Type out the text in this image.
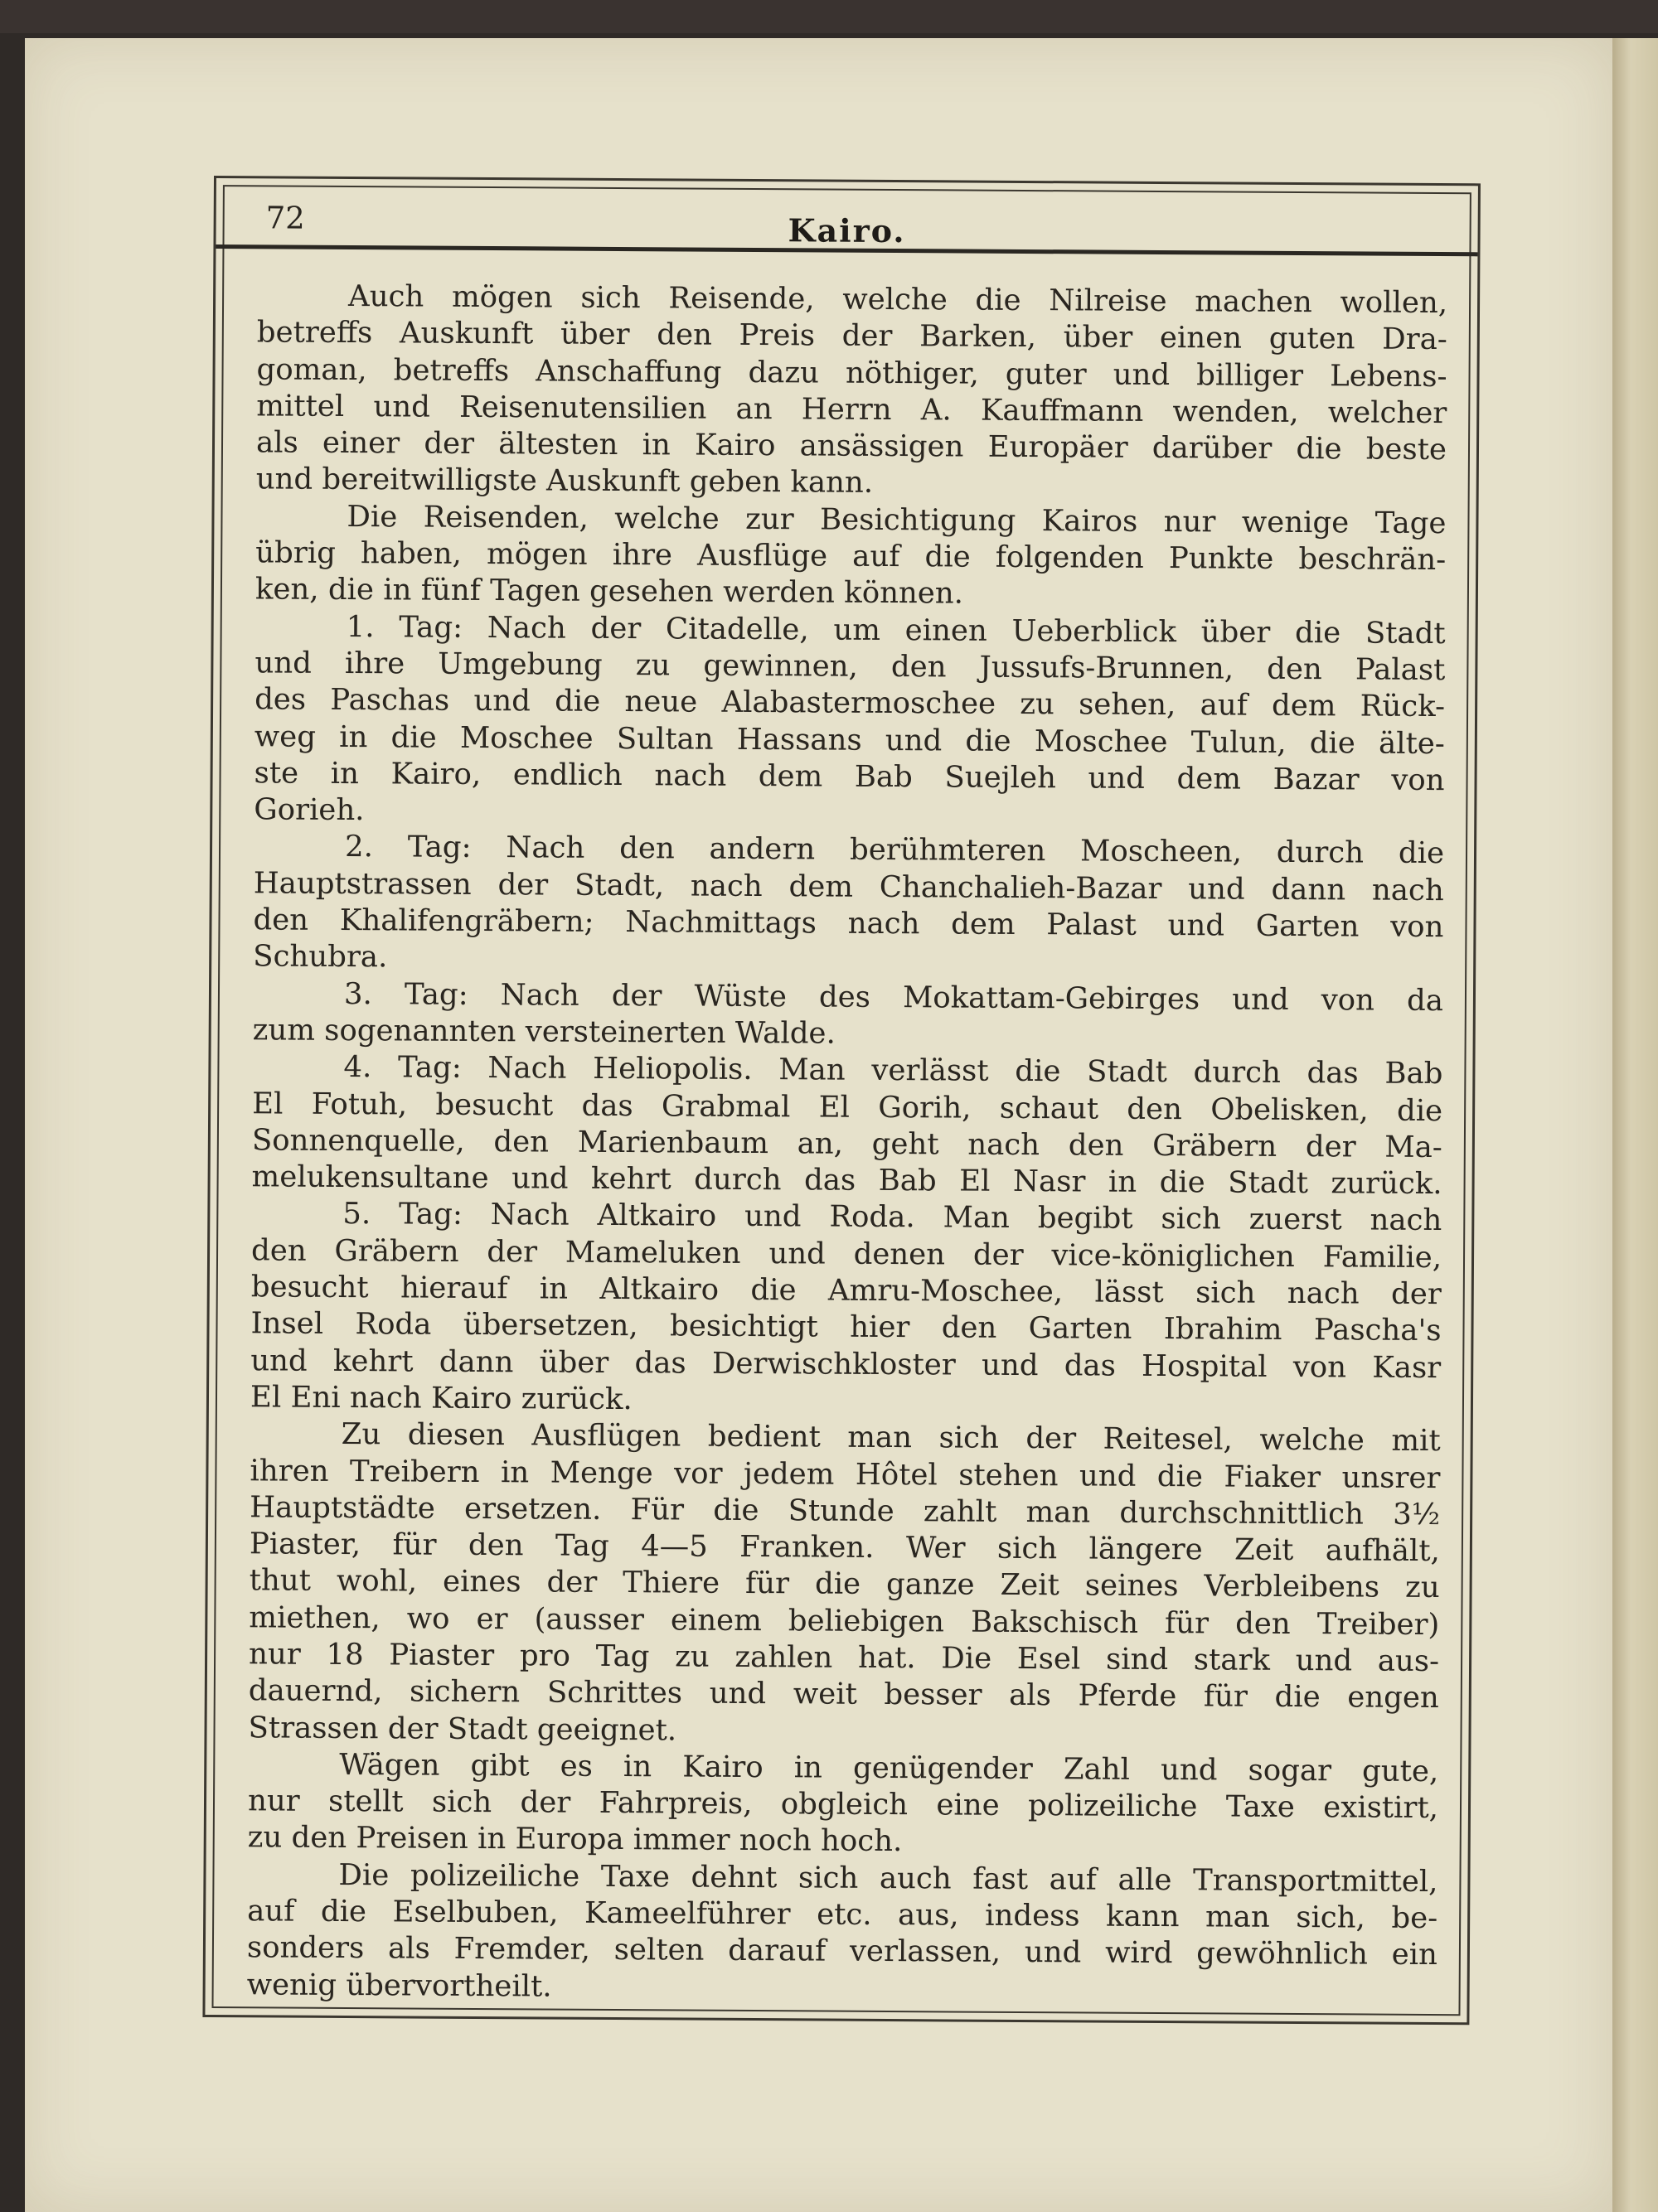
72	Kairo.
Auch mögen sich Reisende, welche die Nilreise machen wollen,
betreffs Auskunft über den Preis der Barken, über einen guten Dra-
goman, betreffs Anschaffung dazu nöthiger, guter und billiger Lebens-
mittel und Reisenutensilien an Herrn A. Kauffmann wenden, welcher
als einer der ältesten in Kairo ansässigen Europäer darüber die beste
und bereitwilligste Auskunft geben kann.
Die Reisenden, welche zur Besichtigung Kairos nur wenige Tage
übrig haben, mögen ihre Ausflüge auf die folgenden Punkte beschrän-
ken, die in fünf Tagen gesehen werden können.
1. Tag: Nach der Citadelle, um einen Ueberblick über die Stadt
und ihre Umgebung zu gewinnen, den Jussufs-Brunnen, den Palast
des Paschas und die neue Alabastermoschee zu sehen, auf dem Rück-
weg in die Moschee Sultan Hassans und die Moschee Tulun, die älte-
ste in Kairo, endlich nach dem Bab Suejleh und dem Bazar von
Gorieh.
2. Tag: Nach den andern berühmteren Moscheen, durch die
Hauptstrassen der Stadt, nach dem Chanchalieh-Bazar und dann nach
den Khalifengräbern; Nachmittags nach dem Palast und Garten von
Schubra.
3. Tag: Nach der Wüste des Mokattam-Gebirges und von da
zum sogenannten versteinerten Walde.
4. Tag: Nach Heliopolis. Man verlässt die Stadt durch das Bab
El Fotuh, besucht das Grabmal El Gorih, schaut den Obelisken, die
Sonnenquelle, den Marienbaum an, geht nach den Gräbern der Ma-
melukensultane und kehrt durch das Bab El Nasr in die Stadt zurück.
5. Tag: Nach Altkairo und Roda. Man begibt sich zuerst nach
den Gräbern der Mameluken und denen der vice-königlichen Familie,
besucht hierauf in Altkairo die Amru-Moschee, lässt sich nach der
Insel Roda übersetzen, besichtigt hier den Garten Ibrahim Pascha's
und kehrt dann über das Derwischkloster und das Hospital von Kasr
El Eni nach Kairo zurück.
Zu diesen Ausflügen bedient man sich der Reitesel, welche mit
ihren Treibern in Menge vor jedem Hôtel stehen und die Fiaker unsrer
Hauptstädte ersetzen. Für die Stunde zahlt man durchschnittlich 3½
Piaster, für den Tag 4—5 Franken. Wer sich längere Zeit aufhält,
thut wohl, eines der Thiere für die ganze Zeit seines Verbleibens zu
miethen, wo er (ausser einem beliebigen Bakschisch für den Treiber)
nur 18 Piaster pro Tag zu zahlen hat. Die Esel sind stark und aus-
dauernd, sichern Schrittes und weit besser als Pferde für die engen
Strassen der Stadt geeignet.
Wägen gibt es in Kairo in genügender Zahl und sogar gute,
nur stellt sich der Fahrpreis, obgleich eine polizeiliche Taxe existirt,
zu den Preisen in Europa immer noch hoch.
Die polizeiliche Taxe dehnt sich auch fast auf alle Transportmittel,
auf die Eselbuben, Kameelführer etc. aus, indess kann man sich, be-
sonders als Fremder, selten darauf verlassen, und wird gewöhnlich ein
wenig übervortheilt.
